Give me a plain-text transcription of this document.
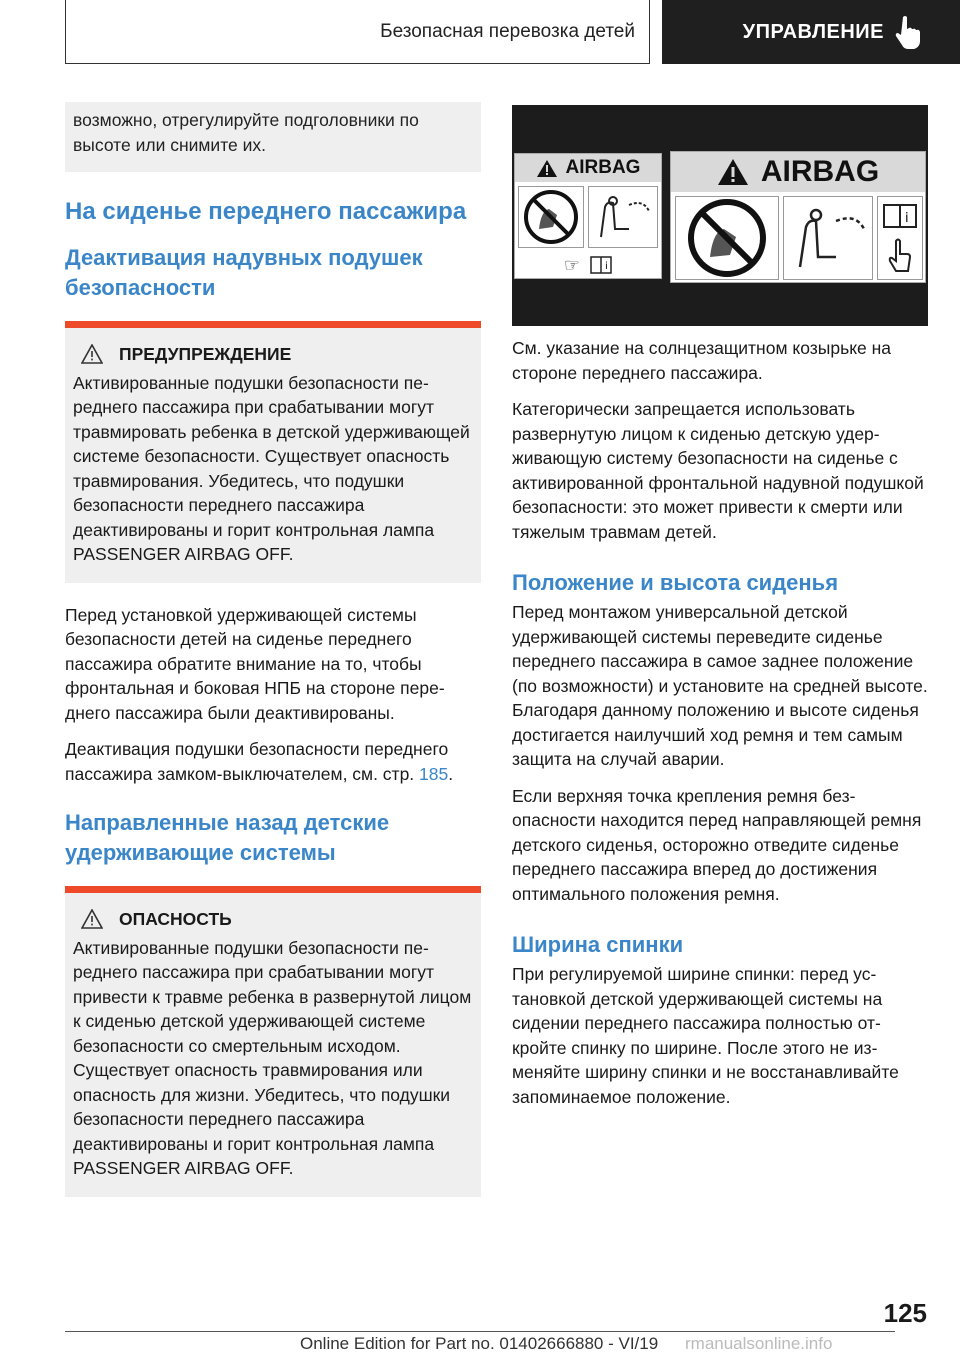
Безопасная перевозка детей	УПРАВЛЕНИЕ
возможно, отрегулируйте подголовники по высоте или снимите их.
На сиденье переднего пассажира
Деактивация надувных подушек безопасности
ПРЕДУПРЕЖДЕНИЕ
Активированные подушки безопасности переднего пассажира при срабатывании могут травмировать ребенка в детской удерживающей системе безопасности. Существует опасность травмирования. Убедитесь, что подушки безопасности переднего пассажира деактивированы и горит контрольная лампа PASSENGER AIRBAG OFF.

Перед установкой удерживающей системы безопасности детей на сиденье переднего пассажира обратите внимание на то, чтобы фронтальная и боковая НПБ на стороне переднего пассажира были деактивированы.

Деактивация подушки безопасности переднего пассажира замком-выключателем, см. стр. 185.

Направленные назад детские удерживающие системы
ОПАСНОСТЬ
Активированные подушки безопасности переднего пассажира при срабатывании могут привести к травме ребенка в развернутой лицом к сиденью детской удерживающей системе безопасности со смертельным исходом. Существует опасность травмирования или опасность для жизни. Убедитесь, что подушки безопасности переднего пассажира деактивированы и горит контрольная лампа PASSENGER AIRBAG OFF.
AIRBAG
☞	i
AIRBAG
i

См. указание на солнцезащитном козырьке на стороне переднего пассажира.

Категорически запрещается использовать развернутую лицом к сиденью детскую удерживающую систему безопасности на сиденье с активированной фронтальной надувной подушкой безопасности: это может привести к смерти или тяжелым травмам детей.

Положение и высота сиденья

Перед монтажом универсальной детской удерживающей системы переведите сиденье переднего пассажира в самое заднее положение (по возможности) и установите на средней высоте. Благодаря данному положению и высоте сиденья достигается наилучший ход ремня и тем самым защита на случай аварии.

Если верхняя точка крепления ремня безопасности находится перед направляющей ремня детского сиденья, осторожно отведите сиденье переднего пассажира вперед до достижения оптимального положения ремня.

Ширина спинки

При регулируемой ширине спинки: перед установкой детской удерживающей системы на сидении переднего пассажира полностью откройте спинку по ширине. После этого не изменяйте ширину спинки и не восстанавливайте запоминаемое положение.

125
Online Edition for Part no. 01402666880 - VI/19 rmanualsonline.info
